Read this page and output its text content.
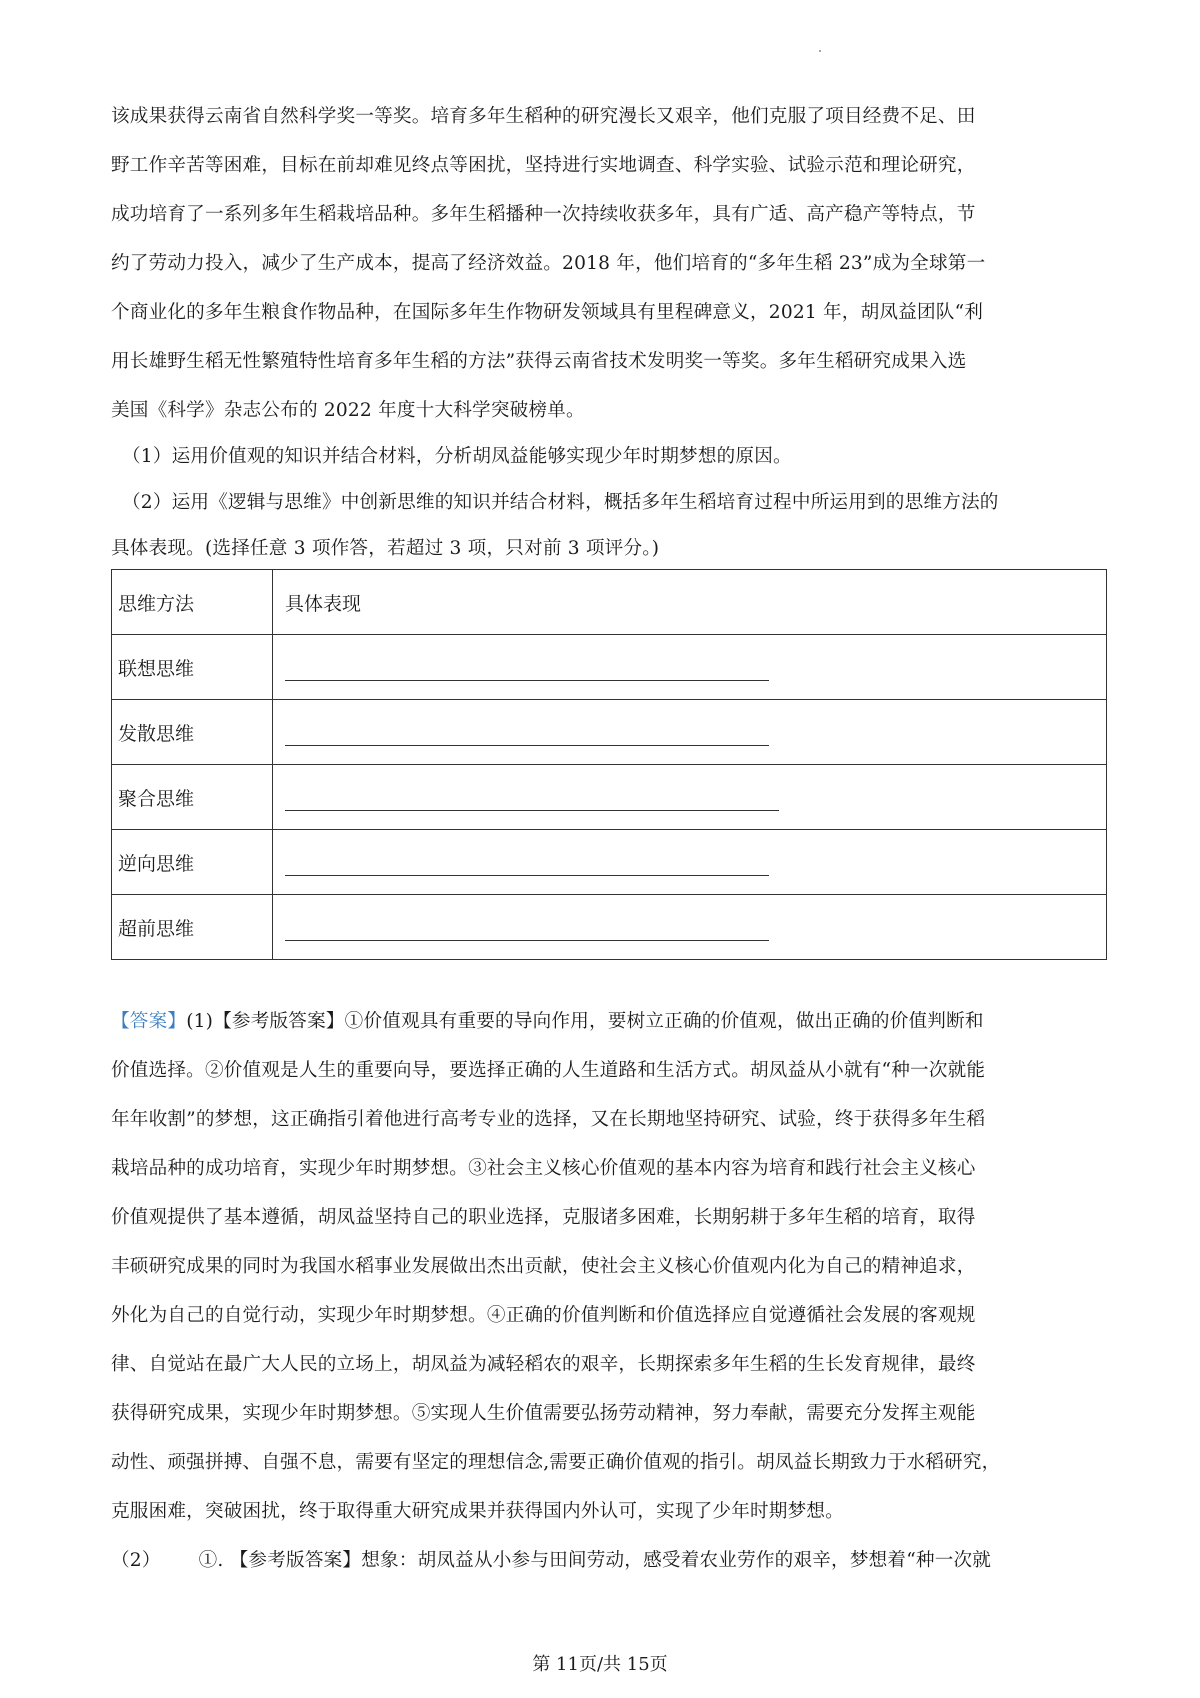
该成果获得云南省自然科学奖一等奖。培育多年生稻种的研究漫长又艰辛，他们克服了项目经费不足、田
野工作辛苦等困难，目标在前却难见终点等困扰，坚持进行实地调查、科学实验、试验示范和理论研究，
成功培育了一系列多年生稻栽培品种。多年生稻播种一次持续收获多年，具有广适、高产稳产等特点，节
约了劳动力投入，减少了生产成本，提高了经济效益。2018 年，他们培育的“多年生稻 23”成为全球第一
个商业化的多年生粮食作物品种，在国际多年生作物研发领域具有里程碑意义，2021 年，胡凤益团队“利
用长雄野生稻无性繁殖特性培育多年生稻的方法”获得云南省技术发明奖一等奖。多年生稻研究成果入选
美国《科学》杂志公布的 2022 年度十大科学突破榜单。
（1）运用价值观的知识并结合材料，分析胡凤益能够实现少年时期梦想的原因。
（2）运用《逻辑与思维》中创新思维的知识并结合材料，概括多年生稻培育过程中所运用到的思维方法的
具体表现。(选择任意 3 项作答，若超过 3 项，只对前 3 项评分。)
思维方法	具体表现
联想思维	
发散思维	
聚合思维	
逆向思维	
超前思维	
【答案】(1)【参考版答案】①价值观具有重要的导向作用，要树立正确的价值观，做出正确的价值判断和
价值选择。②价值观是人生的重要向导，要选择正确的人生道路和生活方式。胡凤益从小就有“种一次就能
年年收割”的梦想，这正确指引着他进行高考专业的选择，又在长期地坚持研究、试验，终于获得多年生稻
栽培品种的成功培育，实现少年时期梦想。③社会主义核心价值观的基本内容为培育和践行社会主义核心
价值观提供了基本遵循，胡凤益坚持自己的职业选择，克服诸多困难，长期躬耕于多年生稻的培育，取得
丰硕研究成果的同时为我国水稻事业发展做出杰出贡献，使社会主义核心价值观内化为自己的精神追求，
外化为自己的自觉行动，实现少年时期梦想。④正确的价值判断和价值选择应自觉遵循社会发展的客观规
律、自觉站在最广大人民的立场上，胡凤益为减轻稻农的艰辛，长期探索多年生稻的生长发育规律，最终
获得研究成果，实现少年时期梦想。⑤实现人生价值需要弘扬劳动精神，努力奉献，需要充分发挥主观能
动性、顽强拼搏、自强不息，需要有坚定的理想信念,需要正确价值观的指引。胡凤益长期致力于水稻研究，
克服困难，突破困扰，终于取得重大研究成果并获得国内外认可，实现了少年时期梦想。
（2） ①. 【参考版答案】想象：胡凤益从小参与田间劳动，感受着农业劳作的艰辛，梦想着“种一次就
第 11页/共 15页
